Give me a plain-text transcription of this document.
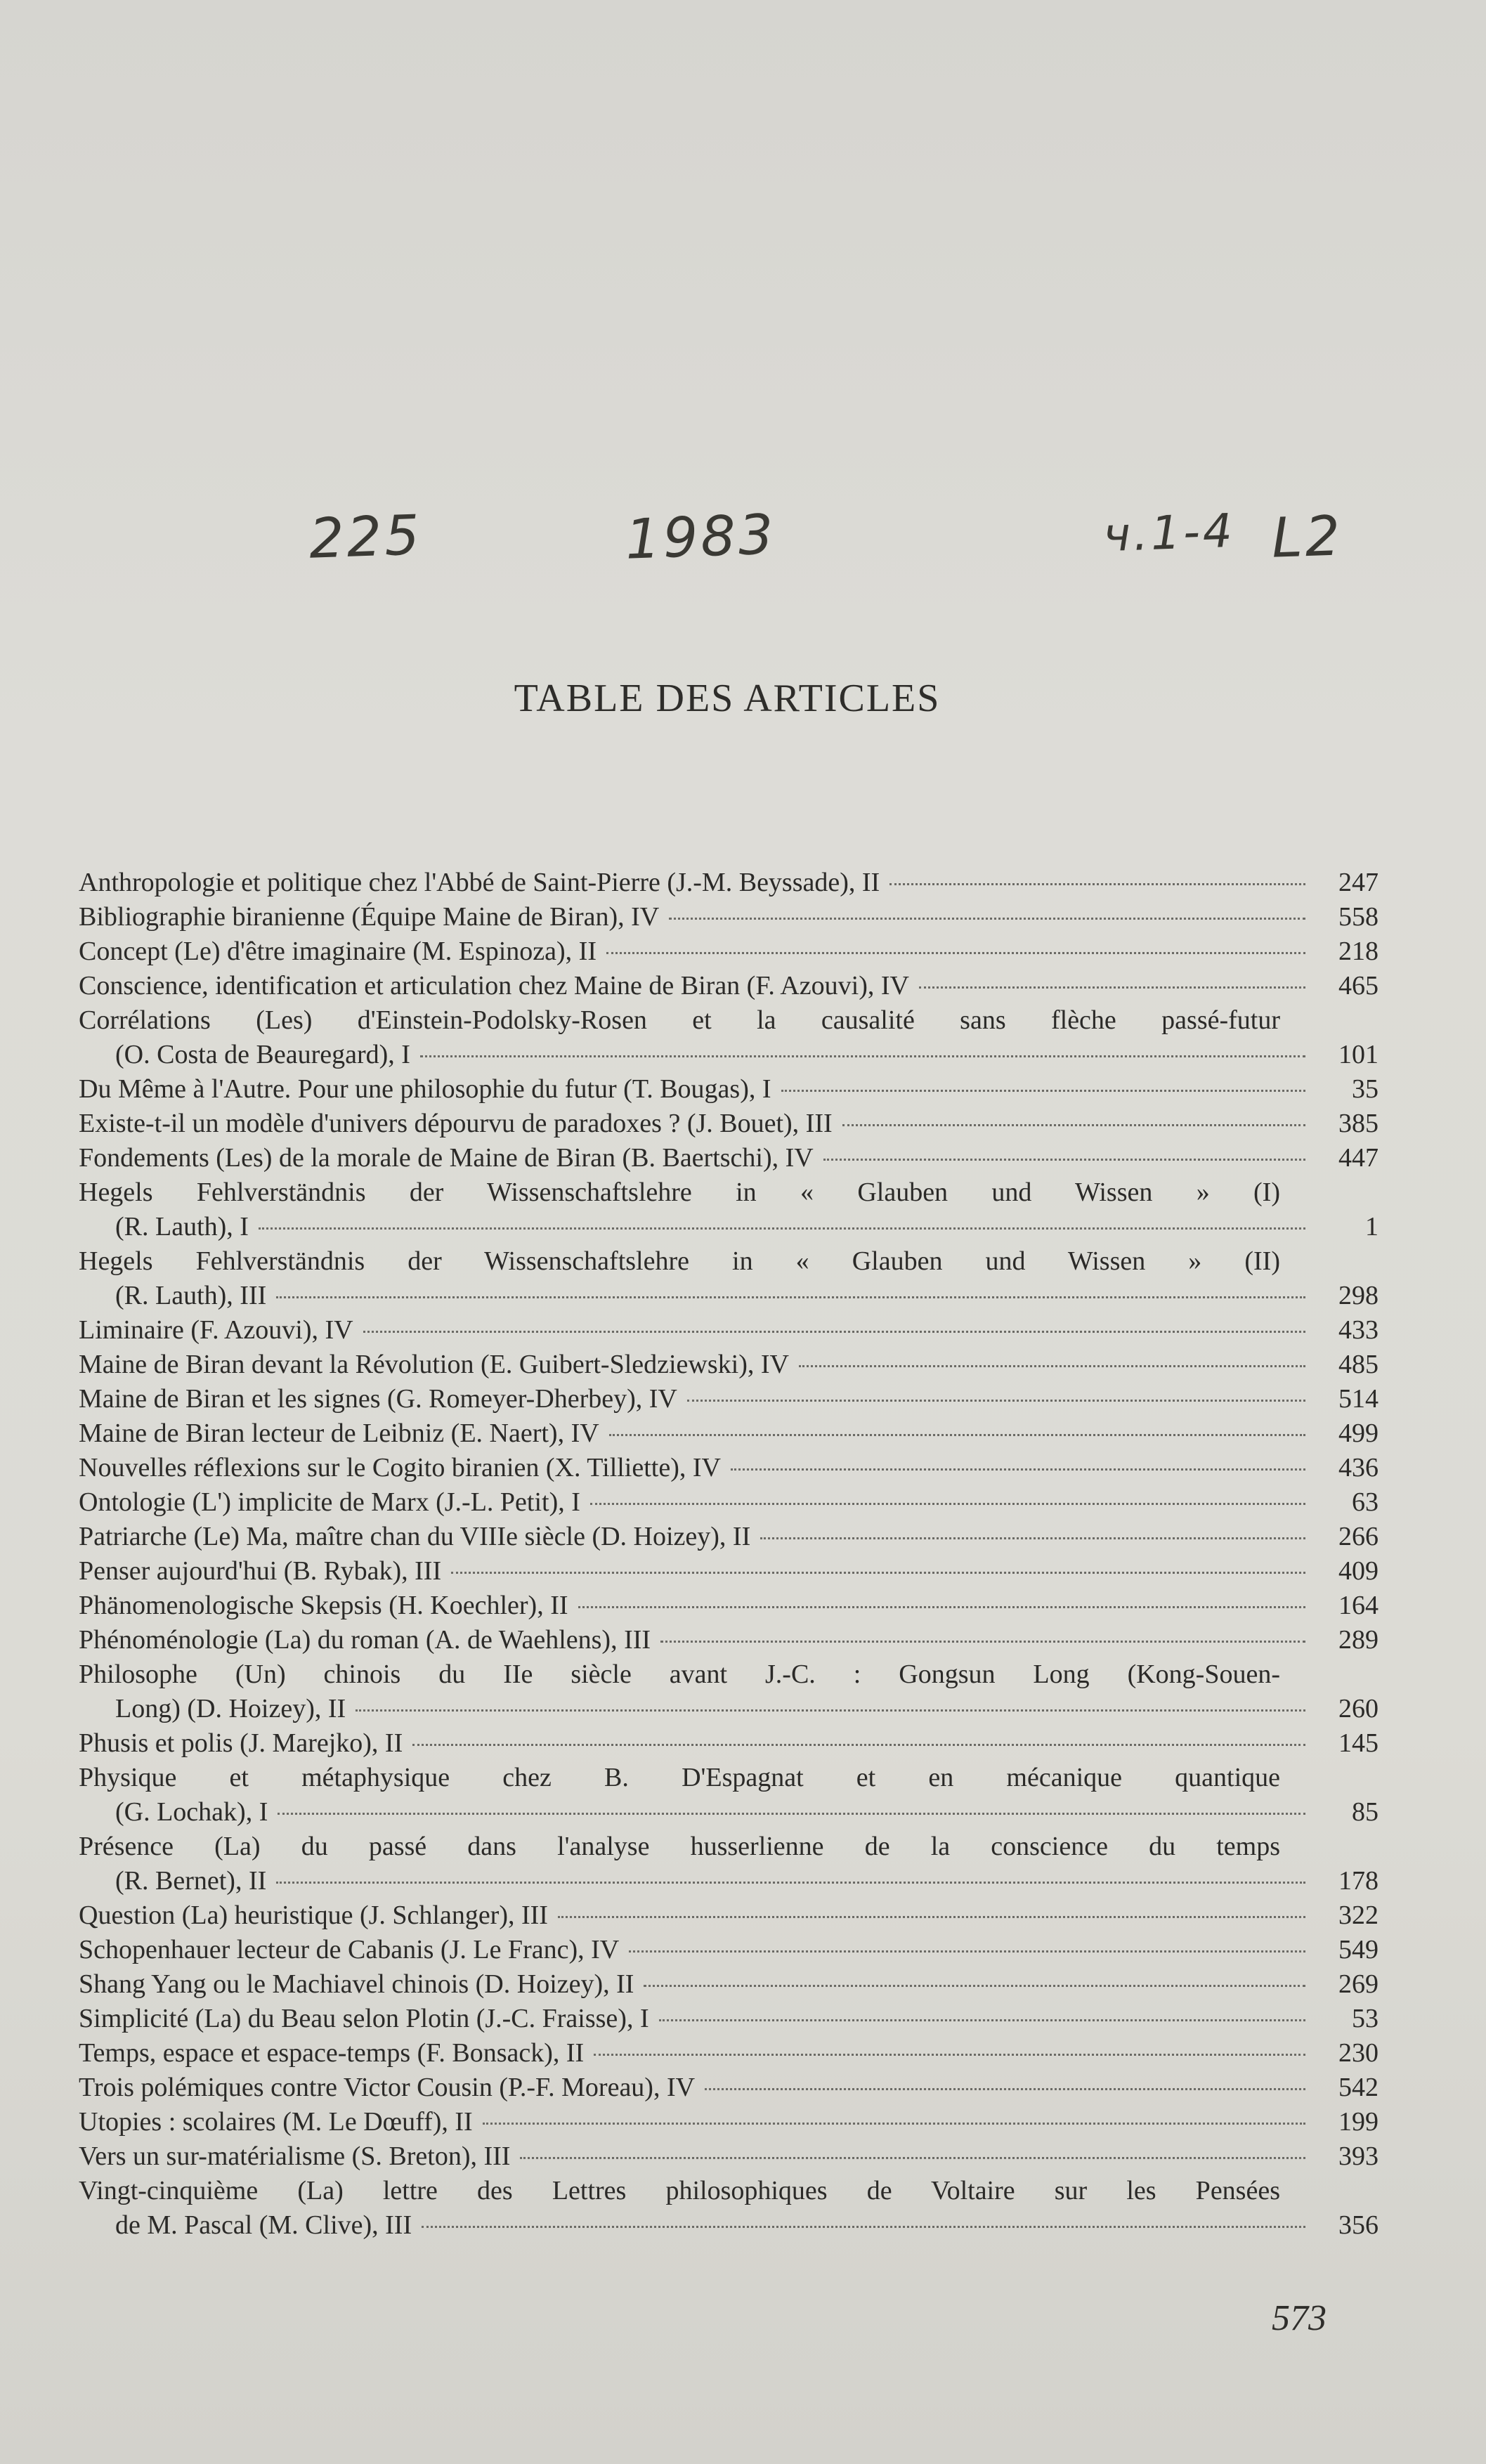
225	1983	ч.1-4 L2
TABLE DES ARTICLES
Anthropologie et politique chez l'Abbé de Saint-Pierre (J.-M. Beyssade), II	247
Bibliographie biranienne (Équipe Maine de Biran), IV	558
Concept (Le) d'être imaginaire (M. Espinoza), II	218
Conscience, identification et articulation chez Maine de Biran (F. Azouvi), IV	465
Corrélations (Les) d'Einstein-Podolsky-Rosen et la causalité sans flèche passé-futur
(O. Costa de Beauregard), I	101
Du Même à l'Autre. Pour une philosophie du futur (T. Bougas), I	35
Existe-t-il un modèle d'univers dépourvu de paradoxes ? (J. Bouet), III	385
Fondements (Les) de la morale de Maine de Biran (B. Baertschi), IV	447
Hegels Fehlverständnis der Wissenschaftslehre in « Glauben und Wissen » (I)
(R. Lauth), I	1
Hegels Fehlverständnis der Wissenschaftslehre in « Glauben und Wissen » (II)
(R. Lauth), III	298
Liminaire (F. Azouvi), IV	433
Maine de Biran devant la Révolution (E. Guibert-Sledziewski), IV	485
Maine de Biran et les signes (G. Romeyer-Dherbey), IV	514
Maine de Biran lecteur de Leibniz (E. Naert), IV	499
Nouvelles réflexions sur le Cogito biranien (X. Tilliette), IV	436
Ontologie (L') implicite de Marx (J.-L. Petit), I	63
Patriarche (Le) Ma, maître chan du VIIIe siècle (D. Hoizey), II	266
Penser aujourd'hui (B. Rybak), III	409
Phänomenologische Skepsis (H. Koechler), II	164
Phénoménologie (La) du roman (A. de Waehlens), III	289
Philosophe (Un) chinois du IIe siècle avant J.-C. : Gongsun Long (Kong-Souen-
Long) (D. Hoizey), II	260
Phusis et polis (J. Marejko), II	145
Physique et métaphysique chez B. D'Espagnat et en mécanique quantique
(G. Lochak), I	85
Présence (La) du passé dans l'analyse husserlienne de la conscience du temps
(R. Bernet), II	178
Question (La) heuristique (J. Schlanger), III	322
Schopenhauer lecteur de Cabanis (J. Le Franc), IV	549
Shang Yang ou le Machiavel chinois (D. Hoizey), II	269
Simplicité (La) du Beau selon Plotin (J.-C. Fraisse), I	53
Temps, espace et espace-temps (F. Bonsack), II	230
Trois polémiques contre Victor Cousin (P.-F. Moreau), IV	542
Utopies : scolaires (M. Le Dœuff), II	199
Vers un sur-matérialisme (S. Breton), III	393
Vingt-cinquième (La) lettre des Lettres philosophiques de Voltaire sur les Pensées
de M. Pascal (M. Clive), III	356
573
